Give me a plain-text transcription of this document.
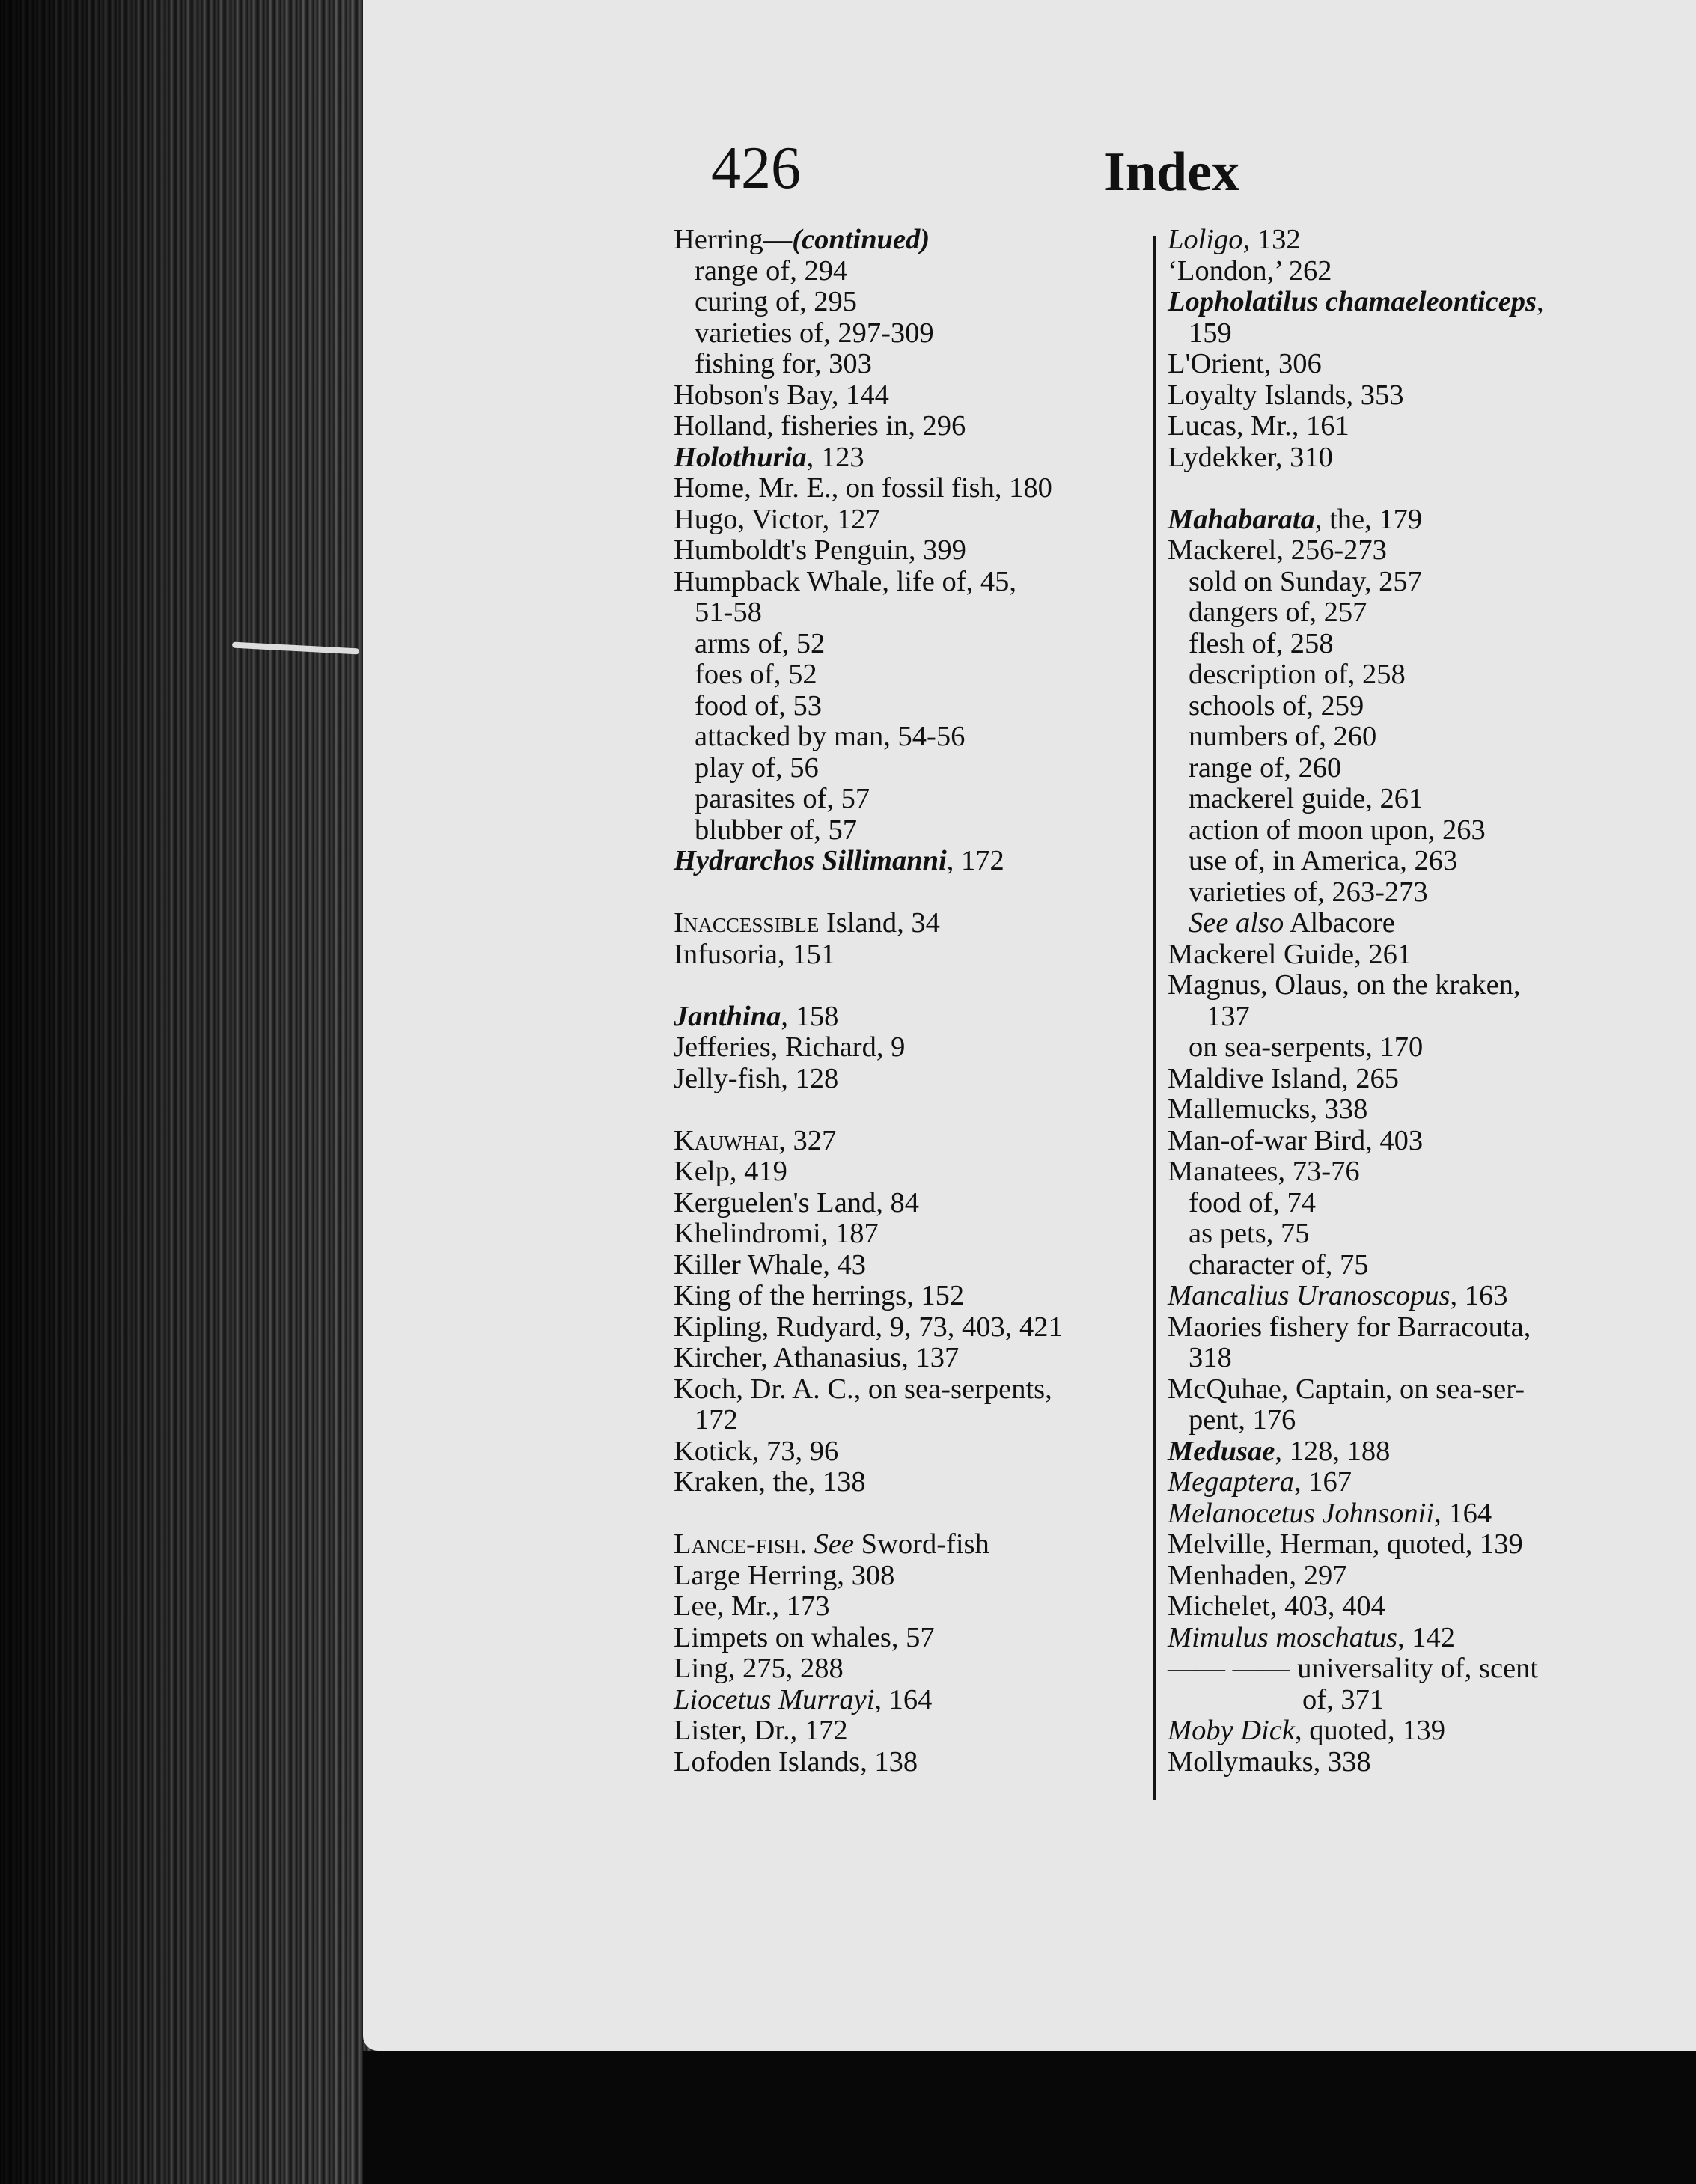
426	Index
Herring—(continued)
range of, 294
curing of, 295
varieties of, 297-309
fishing for, 303
Hobson's Bay, 144
Holland, fisheries in, 296
Holothuria, 123
Home, Mr. E., on fossil fish, 180
Hugo, Victor, 127
Humboldt's Penguin, 399
Humpback Whale, life of, 45,
51-58
arms of, 52
foes of, 52
food of, 53
attacked by man, 54-56
play of, 56
parasites of, 57
blubber of, 57
Hydrarchos Sillimanni, 172
Inaccessible Island, 34
Infusoria, 151
Janthina, 158
Jefferies, Richard, 9
Jelly-fish, 128
Kauwhai, 327
Kelp, 419
Kerguelen's Land, 84
Khelindromi, 187
Killer Whale, 43
King of the herrings, 152
Kipling, Rudyard, 9, 73, 403, 421
Kircher, Athanasius, 137
Koch, Dr. A. C., on sea-serpents,
172
Kotick, 73, 96
Kraken, the, 138
Lance-fish. See Sword-fish
Large Herring, 308
Lee, Mr., 173
Limpets on whales, 57
Ling, 275, 288
Liocetus Murrayi, 164
Lister, Dr., 172
Lofoden Islands, 138
Loligo, 132
‘London,’ 262
Lopholatilus chamaeleonticeps,
159
L'Orient, 306
Loyalty Islands, 353
Lucas, Mr., 161
Lydekker, 310
Mahabarata, the, 179
Mackerel, 256-273
sold on Sunday, 257
dangers of, 257
flesh of, 258
description of, 258
schools of, 259
numbers of, 260
range of, 260
mackerel guide, 261
action of moon upon, 263
use of, in America, 263
varieties of, 263-273
See also Albacore
Mackerel Guide, 261
Magnus, Olaus, on the kraken,
137
on sea-serpents, 170
Maldive Island, 265
Mallemucks, 338
Man-of-war Bird, 403
Manatees, 73-76
food of, 74
as pets, 75
character of, 75
Mancalius Uranoscopus, 163
Maories fishery for Barracouta,
318
McQuhae, Captain, on sea-ser-
pent, 176
Medusae, 128, 188
Megaptera, 167
Melanocetus Johnsonii, 164
Melville, Herman, quoted, 139
Menhaden, 297
Michelet, 403, 404
Mimulus moschatus, 142
—— —— universality of, scent
of, 371
Moby Dick, quoted, 139
Mollymauks, 338
